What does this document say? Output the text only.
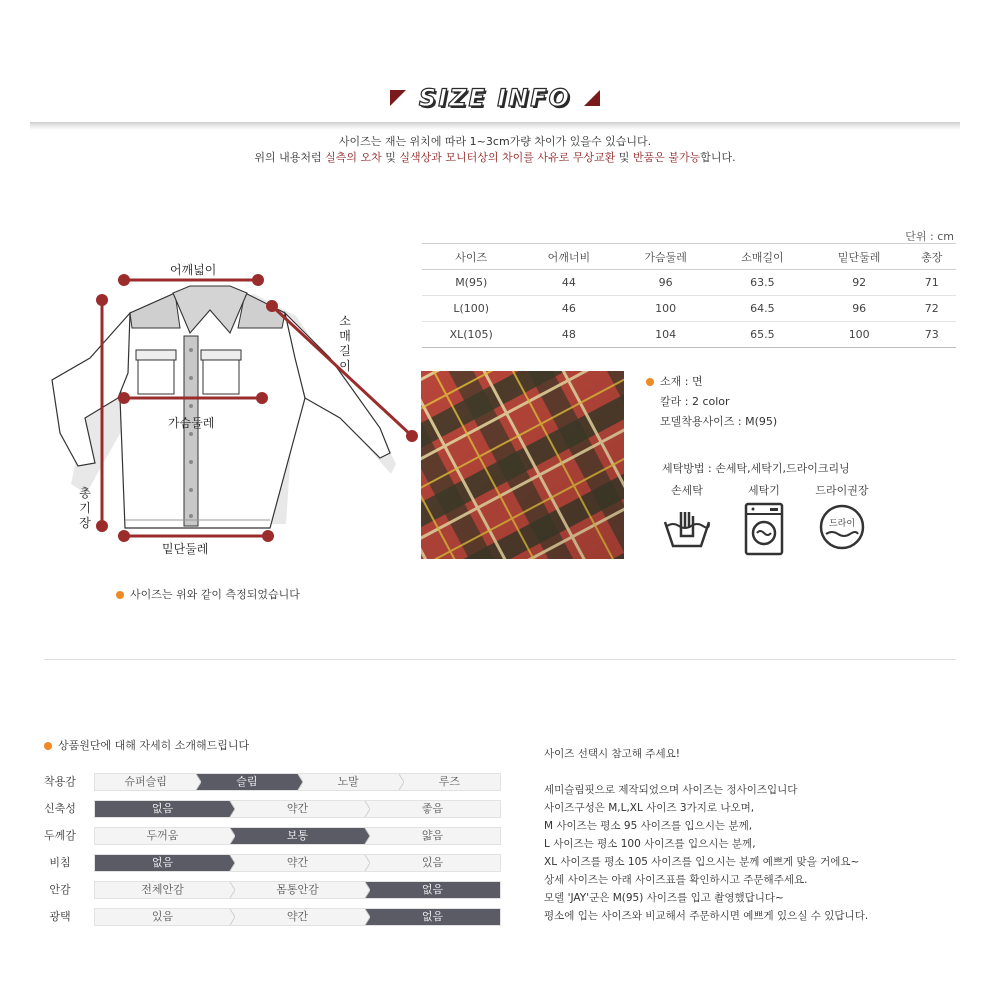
SIZE INFO
사이즈는 재는 위치에 따라 1~3cm가량 차이가 있을수 있습니다.
위의 내용처럼 실측의 오차 및 실색상과 모니터상의 차이를 사유로 무상교환 및 반품은 불가능합니다.
어깨넓이
소
매
길
이
가슴둘레
총
기
장
밑단둘레
사이즈는 위와 같이 측정되었습니다
단위 : cm
사이즈	어깨너비	가슴둘레	소매길이	밑단둘레	총장
M(95)	44	96	63.5	92	71
L(100)	46	100	64.5	96	72
XL(105)	48	104	65.5	100	73
소재 : 면
칼라 : 2 color
모델착용사이즈 : M(95)
세탁방법 : 손세탁,세탁기,드라이크리닝
손세탁	세탁기	드라이권장
드라이
상품원단에 대해 자세히 소개해드립니다
착용감	슈퍼슬림	슬림	노말	루즈
신축성	없음	약간	좋음
두께감	두꺼움	보통	얇음
비침	없음	약간	있음
안감	전체안감	몸통안감	없음
광택	있음	약간	없음

사이즈 선택시 참고해 주세요!

세미슬림핏으로 제작되었으며 사이즈는 정사이즈입니다

사이즈구성은 M,L,XL 사이즈 3가지로 나오며,

M 사이즈는 평소 95 사이즈를 입으시는 분께,

L 사이즈는 평소 100 사이즈를 입으시는 분께,

XL 사이즈를 평소 105 사이즈를 입으시는 분께 예쁘게 맞을 거에요~

상세 사이즈는 아래 사이즈표를 확인하시고 주문해주세요.

모델 'JAY'군은 M(95) 사이즈를 입고 촬영했답니다~

평소에 입는 사이즈와 비교해서 주문하시면 예쁘게 있으실 수 있답니다.
